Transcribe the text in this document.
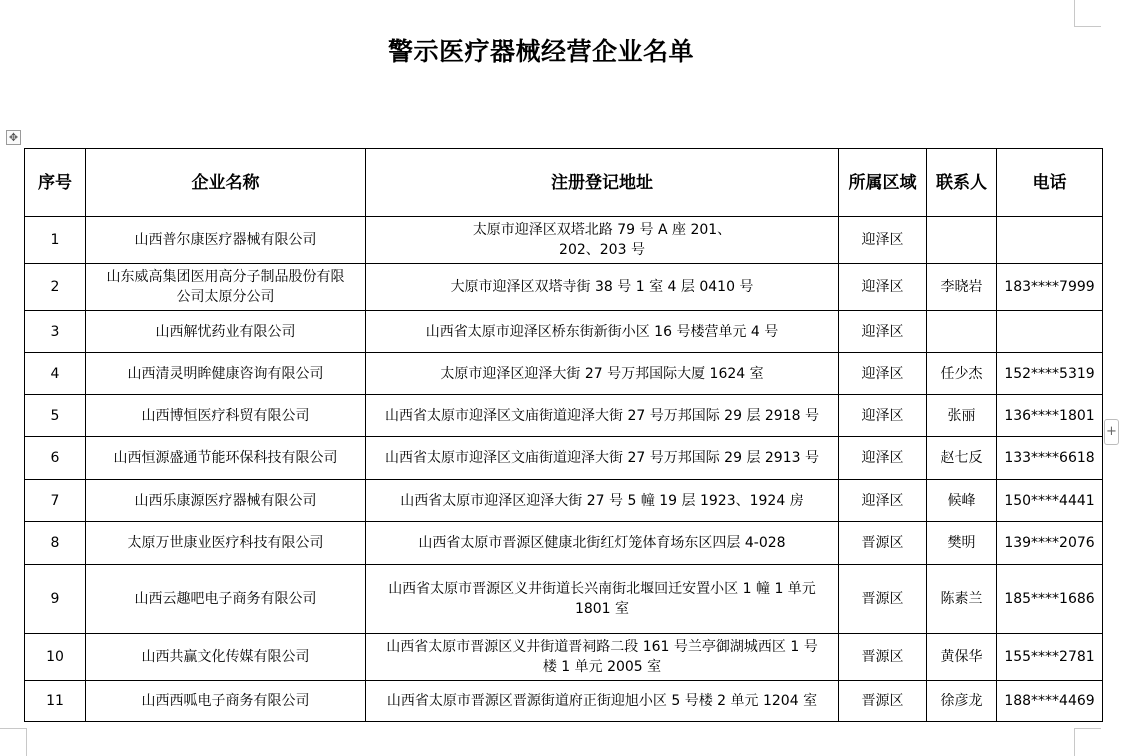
警示医疗器械经营企业名单
✥
+
序号	企业名称	注册登记地址	所属区域	联系人	电话
1	山西普尔康医疗器械有限公司	太原市迎泽区双塔北路 79 号 A 座 201、
202、203 号	迎泽区		
2	山东威高集团医用高分子制品股份有限
公司太原分公司	大原市迎泽区双塔寺街 38 号 1 室 4 层 0410 号	迎泽区	李晓岩	183****7999
3	山西解忧药业有限公司	山西省太原市迎泽区桥东街新街小区 16 号楼营单元 4 号	迎泽区		
4	山西清灵明眸健康咨询有限公司	太原市迎泽区迎泽大街 27 号万邦国际大厦 1624 室	迎泽区	任少杰	152****5319
5	山西博恒医疗科贸有限公司	山西省太原市迎泽区文庙街道迎泽大街 27 号万邦国际 29 层 2918 号	迎泽区	张丽	136****1801
6	山西恒源盛通节能环保科技有限公司	山西省太原市迎泽区文庙街道迎泽大街 27 号万邦国际 29 层 2913 号	迎泽区	赵七反	133****6618
7	山西乐康源医疗器械有限公司	山西省太原市迎泽区迎泽大街 27 号 5 幢 19 层 1923、1924 房	迎泽区	候峰	150****4441
8	太原万世康业医疗科技有限公司	山西省太原市晋源区健康北街红灯笼体育场东区四层 4-028	晋源区	樊明	139****2076
9	山西云趣吧电子商务有限公司	山西省太原市晋源区义井街道长兴南街北堰回迁安置小区 1 幢 1 单元
1801 室	晋源区	陈素兰	185****1686
10	山西共赢文化传媒有限公司	山西省太原市晋源区义井街道晋祠路二段 161 号兰亭御湖城西区 1 号
楼 1 单元 2005 室	晋源区	黄保华	155****2781
11	山西西呱电子商务有限公司	山西省太原市晋源区晋源街道府正街迎旭小区 5 号楼 2 单元 1204 室	晋源区	徐彦龙	188****4469
